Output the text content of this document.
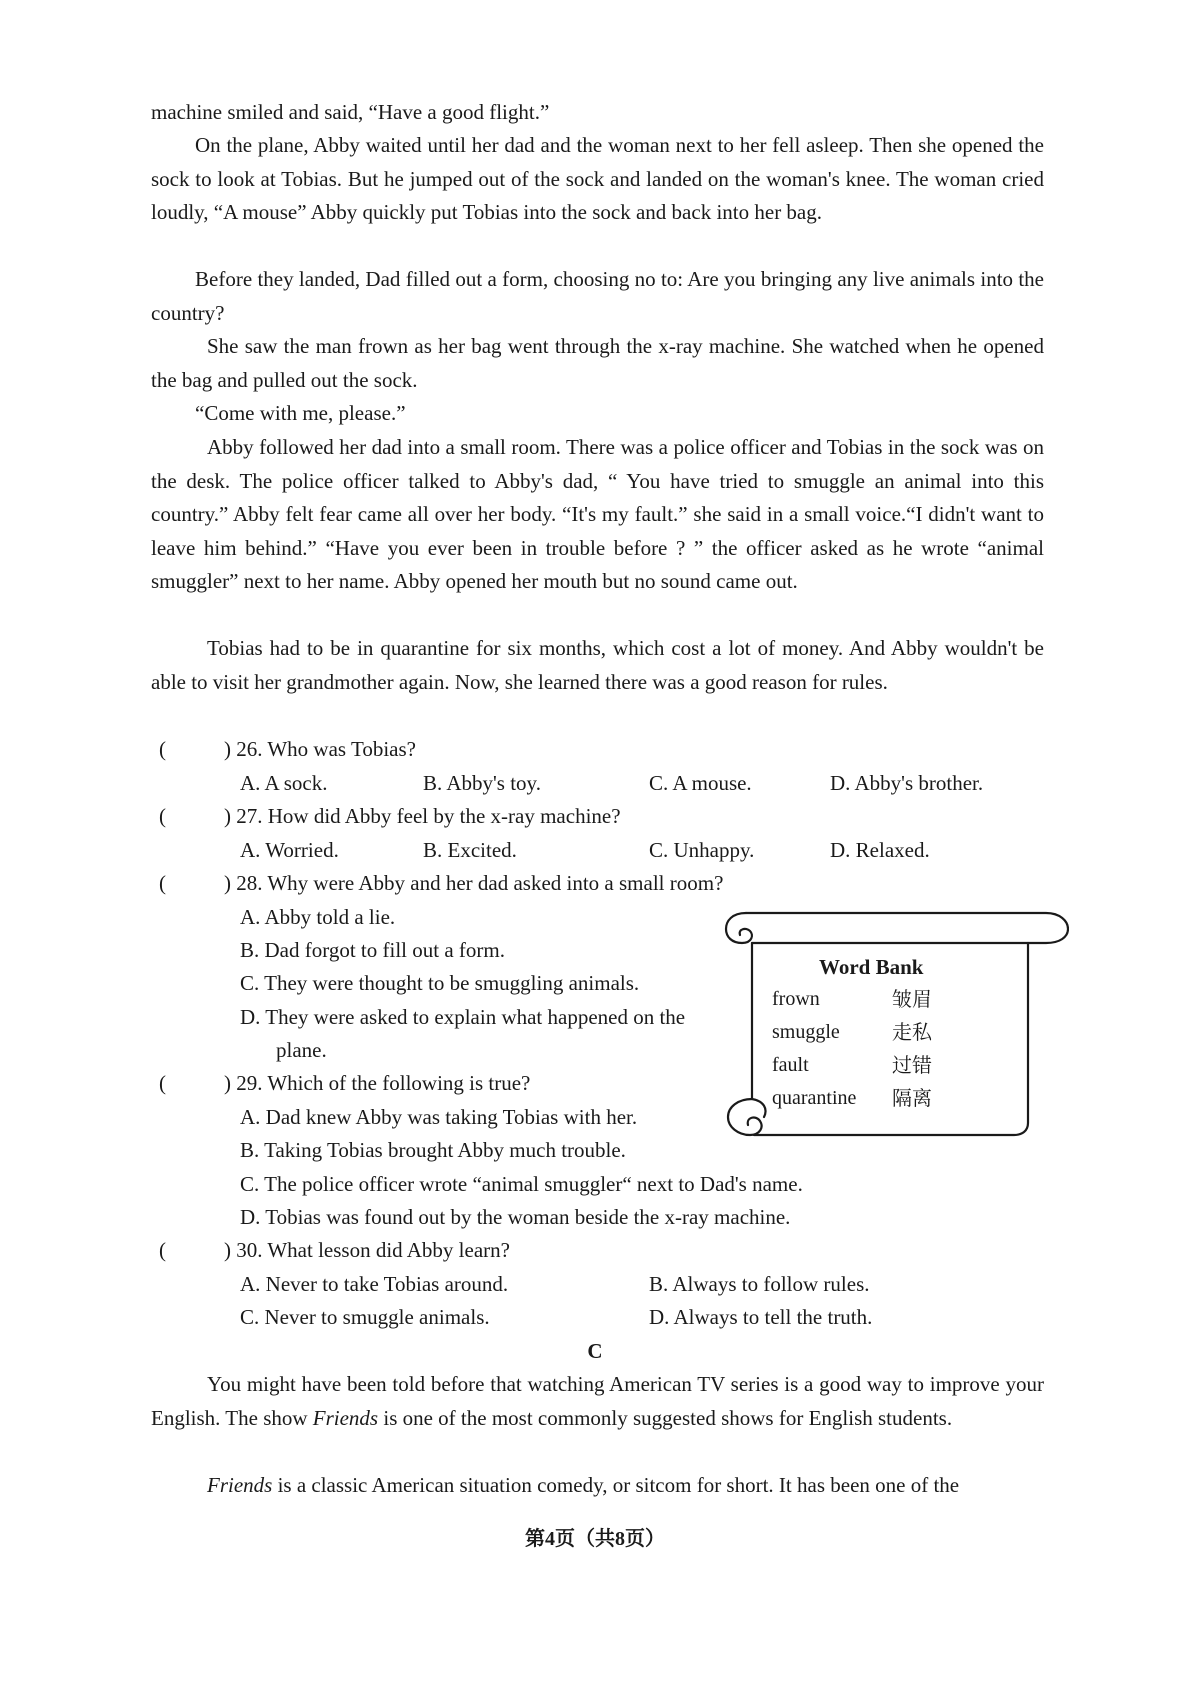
machine smiled and said, “Have a good flight.”

On the plane, Abby waited until her dad and the woman next to her fell asleep. Then she opened the sock to look at Tobias. But he jumped out of the sock and landed on the woman's knee. The woman cried loudly, “A mouse” Abby quickly put Tobias into the sock and back into her bag.

Before they landed, Dad filled out a form, choosing no to: Are you bringing any live animals into the country?

She saw the man frown as her bag went through the x-ray machine. She watched when he opened the bag and pulled out the sock.

“Come with me, please.”

Abby followed her dad into a small room. There was a police officer and Tobias in the sock was on the desk. The police officer talked to Abby's dad, “ You have tried to smuggle an animal into this country.” Abby felt fear came all over her body. “It's my fault.” she said in a small voice.“I didn't want to leave him behind.” “Have you ever been in trouble before ? ” the officer asked as he wrote “animal smuggler” next to her name. Abby opened her mouth but no sound came out.

Tobias had to be in quarantine for six months, which cost a lot of money. And Abby wouldn't be able to visit her grandmother again. Now, she learned there was a good reason for rules.

(	) 26. Who was Tobias?
A. A sock.	B. Abby's toy.	C. A mouse.	D. Abby's brother.
(	) 27. How did Abby feel by the x-ray machine?
A. Worried.	B. Excited.	C. Unhappy.	D. Relaxed.
(	) 28. Why were Abby and her dad asked into a small room?
A. Abby told a lie.
B. Dad forgot to fill out a form.
C. They were thought to be smuggling animals.
D. They were asked to explain what happened on the
plane.
(	) 29. Which of the following is true?
A. Dad knew Abby was taking Tobias with her.
B. Taking Tobias brought Abby much trouble.
C. The police officer wrote “animal smuggler“ next to Dad's name.
D. Tobias was found out by the woman beside the x-ray machine.
(	) 30. What lesson did Abby learn?
A. Never to take Tobias around.	B. Always to follow rules.
C. Never to smuggle animals.	D. Always to tell the truth.
Word Bank
frown	皱眉
smuggle	走私
fault	过错
quarantine 隔离
C

You might have been told before that watching American TV series is a good way to improve your English. The show Friends is one of the most commonly suggested shows for English students.

Friends is a classic American situation comedy, or sitcom for short. It has been one of the

第4页（共8页）
